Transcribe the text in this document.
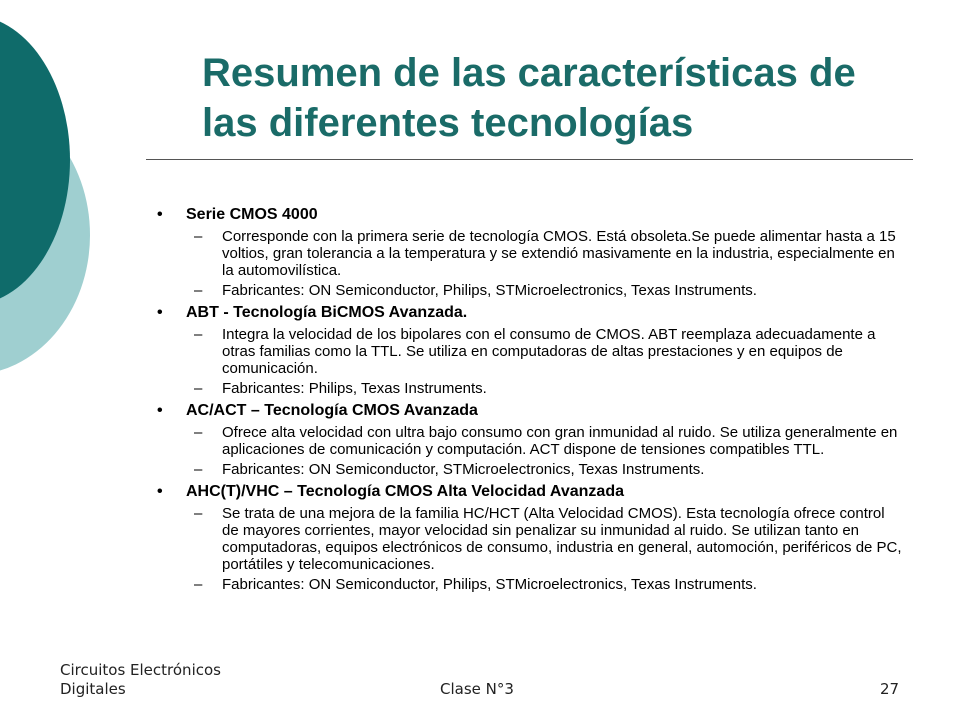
Resumen de las características de
las diferentes tecnologías
•	Serie CMOS 4000
–	Corresponde con la primera serie de tecnología CMOS. Está obsoleta.Se puede alimentar hasta a 15 voltios, gran tolerancia a la temperatura y se extendió masivamente en la industria, especialmente en la automovilística.
–	Fabricantes: ON Semiconductor, Philips, STMicroelectronics, Texas Instruments.
•	ABT - Tecnología BiCMOS Avanzada.
–	Integra la velocidad de los bipolares con el consumo de CMOS. ABT reemplaza adecuadamente a otras familias como la TTL. Se utiliza en computadoras de altas prestaciones y en equipos de comunicación.
–	Fabricantes: Philips, Texas Instruments.
•	AC/ACT – Tecnología CMOS Avanzada
–	Ofrece alta velocidad con ultra bajo consumo con gran inmunidad al ruido. Se utiliza generalmente en aplicaciones de comunicación y computación. ACT dispone de tensiones compatibles TTL.
–	Fabricantes: ON Semiconductor, STMicroelectronics, Texas Instruments.
•	AHC(T)/VHC – Tecnología CMOS Alta Velocidad Avanzada
–	Se trata de una mejora de la familia HC/HCT (Alta Velocidad CMOS). Esta tecnología ofrece control de mayores corrientes, mayor velocidad sin penalizar su inmunidad al ruido. Se utilizan tanto en computadoras, equipos electrónicos de consumo, industria en general, automoción, periféricos de PC, portátiles y telecomunicaciones.
–	Fabricantes: ON Semiconductor, Philips, STMicroelectronics, Texas Instruments.
Circuitos Electrónicos Digitales	Clase N°3	27
